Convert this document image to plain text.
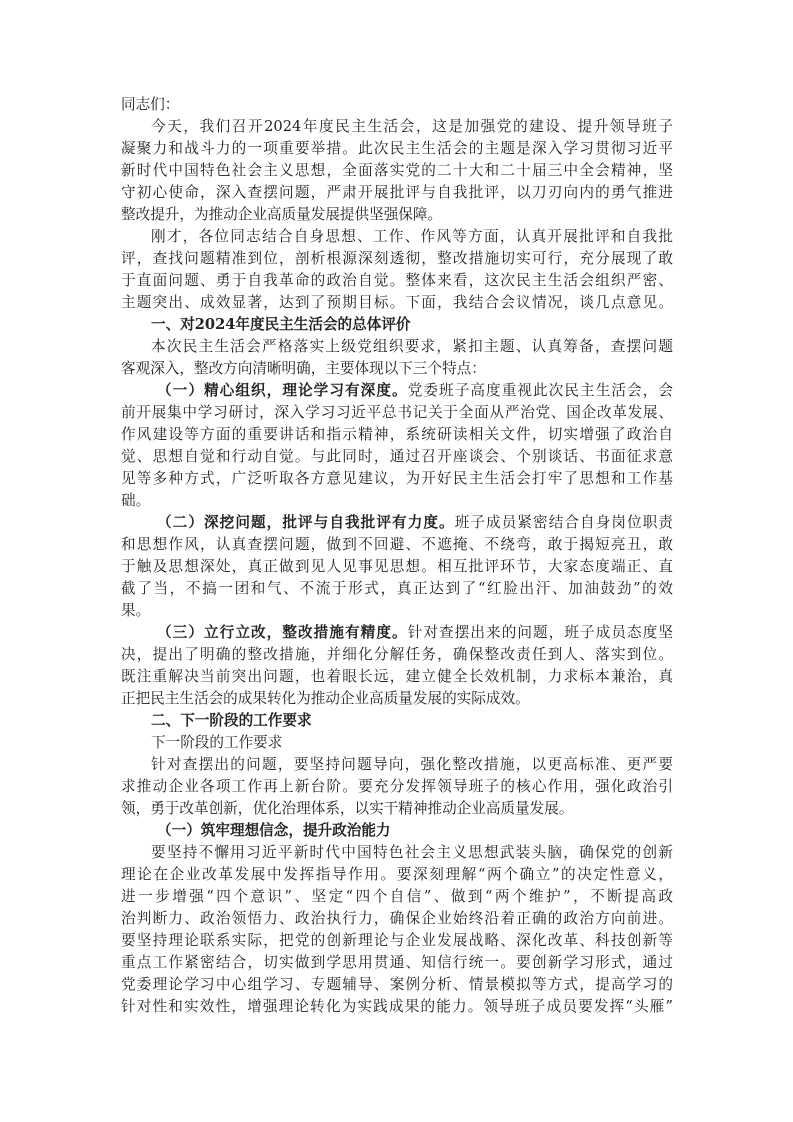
同志们：
今天，我们召开2024年度民主生活会，这是加强党的建设、提升领导班子
凝聚力和战斗力的一项重要举措。此次民主生活会的主题是深入学习贯彻习近平
新时代中国特色社会主义思想，全面落实党的二十大和二十届三中全会精神，坚
守初心使命，深入查摆问题，严肃开展批评与自我批评，以刀刃向内的勇气推进
整改提升，为推动企业高质量发展提供坚强保障。
刚才，各位同志结合自身思想、工作、作风等方面，认真开展批评和自我批
评，查找问题精准到位，剖析根源深刻透彻，整改措施切实可行，充分展现了敢
于直面问题、勇于自我革命的政治自觉。整体来看，这次民主生活会组织严密、
主题突出、成效显著，达到了预期目标。下面，我结合会议情况，谈几点意见。
一、对2024年度民主生活会的总体评价
本次民主生活会严格落实上级党组织要求，紧扣主题、认真筹备，查摆问题
客观深入，整改方向清晰明确，主要体现以下三个特点：
（一）精心组织，理论学习有深度。党委班子高度重视此次民主生活会，会
前开展集中学习研讨，深入学习习近平总书记关于全面从严治党、国企改革发展、
作风建设等方面的重要讲话和指示精神，系统研读相关文件，切实增强了政治自
觉、思想自觉和行动自觉。与此同时，通过召开座谈会、个别谈话、书面征求意
见等多种方式，广泛听取各方意见建议，为开好民主生活会打牢了思想和工作基
础。
（二）深挖问题，批评与自我批评有力度。班子成员紧密结合自身岗位职责
和思想作风，认真查摆问题，做到不回避、不遮掩、不绕弯，敢于揭短亮丑，敢
于触及思想深处，真正做到见人见事见思想。相互批评环节，大家态度端正、直
截了当，不搞一团和气、不流于形式，真正达到了“红脸出汗、加油鼓劲”的效
果。
（三）立行立改，整改措施有精度。针对查摆出来的问题，班子成员态度坚
决，提出了明确的整改措施，并细化分解任务，确保整改责任到人、落实到位。
既注重解决当前突出问题，也着眼长远，建立健全长效机制，力求标本兼治，真
正把民主生活会的成果转化为推动企业高质量发展的实际成效。
二、下一阶段的工作要求
下一阶段的工作要求
针对查摆出的问题，要坚持问题导向，强化整改措施，以更高标准、更严要
求推动企业各项工作再上新台阶。要充分发挥领导班子的核心作用，强化政治引
领，勇于改革创新，优化治理体系，以实干精神推动企业高质量发展。
（一）筑牢理想信念，提升政治能力
要坚持不懈用习近平新时代中国特色社会主义思想武装头脑，确保党的创新
理论在企业改革发展中发挥指导作用。要深刻理解“两个确立”的决定性意义，
进一步增强“四个意识”、坚定“四个自信”、做到“两个维护”，不断提高政
治判断力、政治领悟力、政治执行力，确保企业始终沿着正确的政治方向前进。
要坚持理论联系实际，把党的创新理论与企业发展战略、深化改革、科技创新等
重点工作紧密结合，切实做到学思用贯通、知信行统一。要创新学习形式，通过
党委理论学习中心组学习、专题辅导、案例分析、情景模拟等方式，提高学习的
针对性和实效性，增强理论转化为实践成果的能力。领导班子成员要发挥“头雁”
